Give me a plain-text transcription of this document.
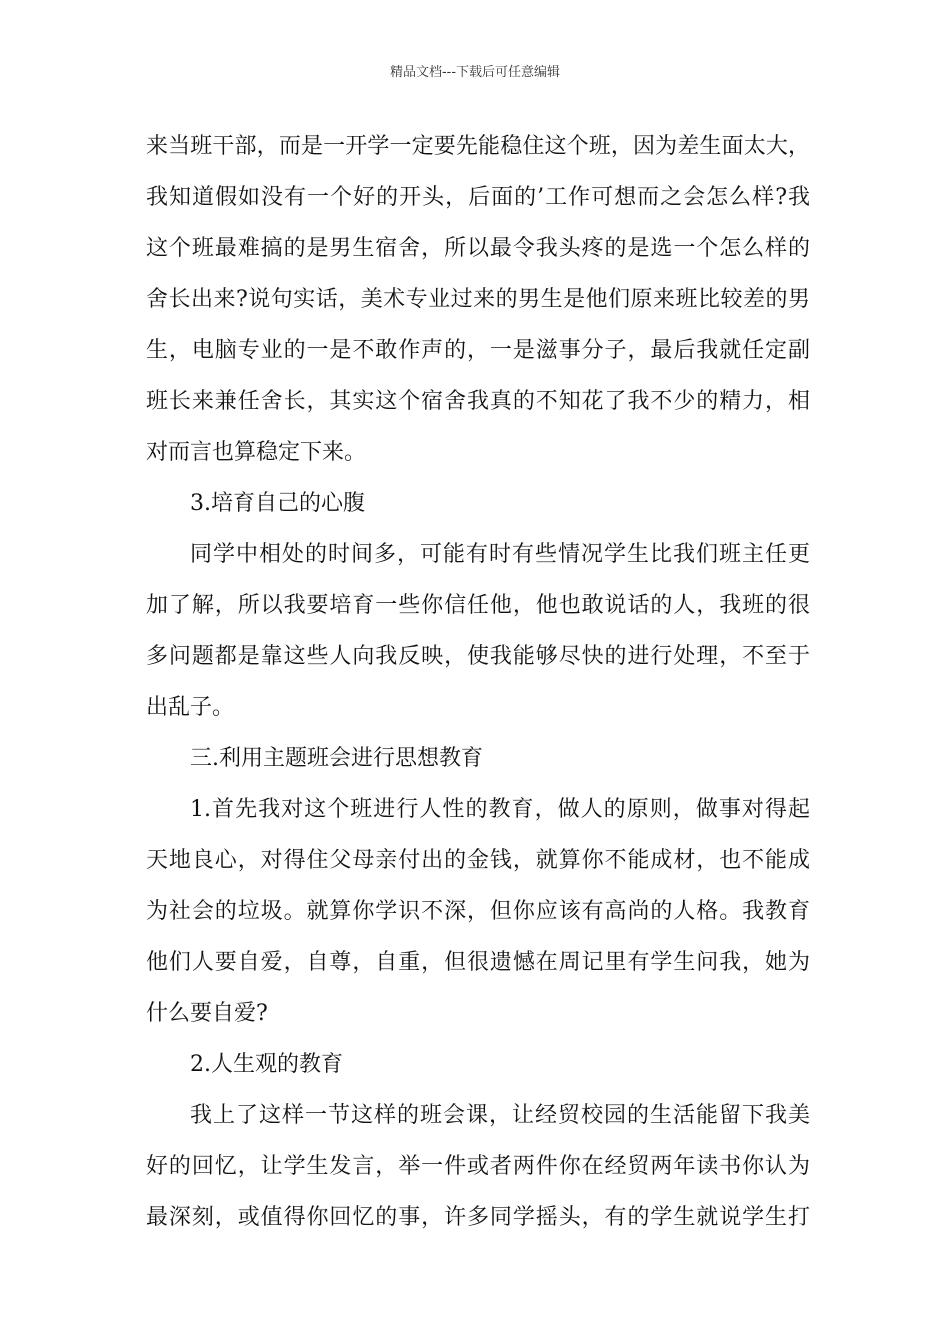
精品文档---下载后可任意编辑
来当班干部，而是一开学一定要先能稳住这个班，因为差生面太大，
我知道假如没有一个好的开头，后面的’工作可想而之会怎么样?我
这个班最难搞的是男生宿舍，所以最令我头疼的是选一个怎么样的
舍长出来?说句实话，美术专业过来的男生是他们原来班比较差的男
生，电脑专业的一是不敢作声的，一是滋事分子，最后我就任定副
班长来兼任舍长，其实这个宿舍我真的不知花了我不少的精力，相
对而言也算稳定下来。
3.培育自己的心腹
同学中相处的时间多，可能有时有些情况学生比我们班主任更
加了解，所以我要培育一些你信任他，他也敢说话的人，我班的很
多问题都是靠这些人向我反映，使我能够尽快的进行处理，不至于
出乱子。
三.利用主题班会进行思想教育
1.首先我对这个班进行人性的教育，做人的原则，做事对得起
天地良心，对得住父母亲付出的金钱，就算你不能成材，也不能成
为社会的垃圾。就算你学识不深，但你应该有高尚的人格。我教育
他们人要自爱，自尊，自重，但很遗憾在周记里有学生问我，她为
什么要自爱?
2.人生观的教育
我上了这样一节这样的班会课，让经贸校园的生活能留下我美
好的回忆，让学生发言，举一件或者两件你在经贸两年读书你认为
最深刻，或值得你回忆的事，许多同学摇头，有的学生就说学生打
